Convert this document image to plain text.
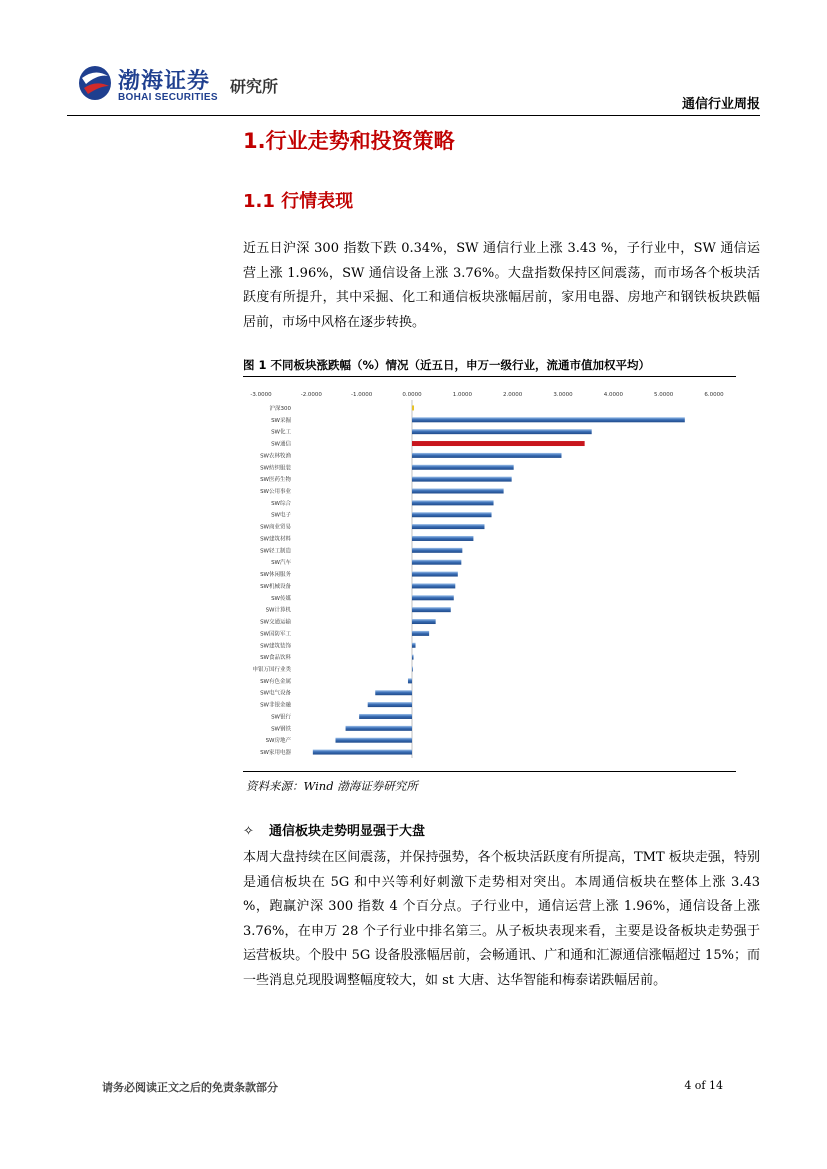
渤海证券
BOHAI SECURITIES
研究所
通信行业周报
1.行业走势和投资策略
1.1 行情表现

近五日沪深 300 指数下跌 0.34%，SW 通信行业上涨 3.43 %，子行业中，SW 通信运营上涨 1.96%，SW 通信设备上涨 3.76%。大盘指数保持区间震荡，而市场各个板块活跃度有所提升，其中采掘、化工和通信板块涨幅居前，家用电器、房地产和钢铁板块跌幅居前，市场中风格在逐步转换。

图 1 不同板块涨跌幅（%）情况（近五日，申万一级行业，流通市值加权平均）
-3.0000	-2.0000	-1.0000	0.0000	1.0000	2.0000	3.0000	4.0000	5.0000	6.0000
沪深300
SW采掘
SW化工
SW通信
SW农林牧渔
SW纺织服装
SW医药生物
SW公用事业
SW综合
SW电子
SW商业贸易
SW建筑材料
SW轻工制造
SW汽车
SW休闲服务
SW机械设备
SW传媒
SW计算机
SW交通运输
SW国防军工
SW建筑装饰
SW食品饮料
申银万国行业类
SW有色金属
SW电气设备
SW非银金融
SW银行
SW钢铁
SW房地产
SW家用电器
资料来源：Wind 渤海证券研究所
✧ 通信板块走势明显强于大盘

本周大盘持续在区间震荡，并保持强势，各个板块活跃度有所提高，TMT 板块走强，特别是通信板块在 5G 和中兴等利好刺激下走势相对突出。本周通信板块在整体上涨 3.43 %，跑赢沪深 300 指数 4 个百分点。子行业中，通信运营上涨 1.96%，通信设备上涨 3.76%，在申万 28 个子行业中排名第三。从子板块表现来看，主要是设备板块走势强于运营板块。个股中 5G 设备股涨幅居前，会畅通讯、广和通和汇源通信涨幅超过 15%；而一些消息兑现股调整幅度较大，如 st 大唐、达华智能和梅泰诺跌幅居前。

请务必阅读正文之后的免责条款部分	4 of 14
